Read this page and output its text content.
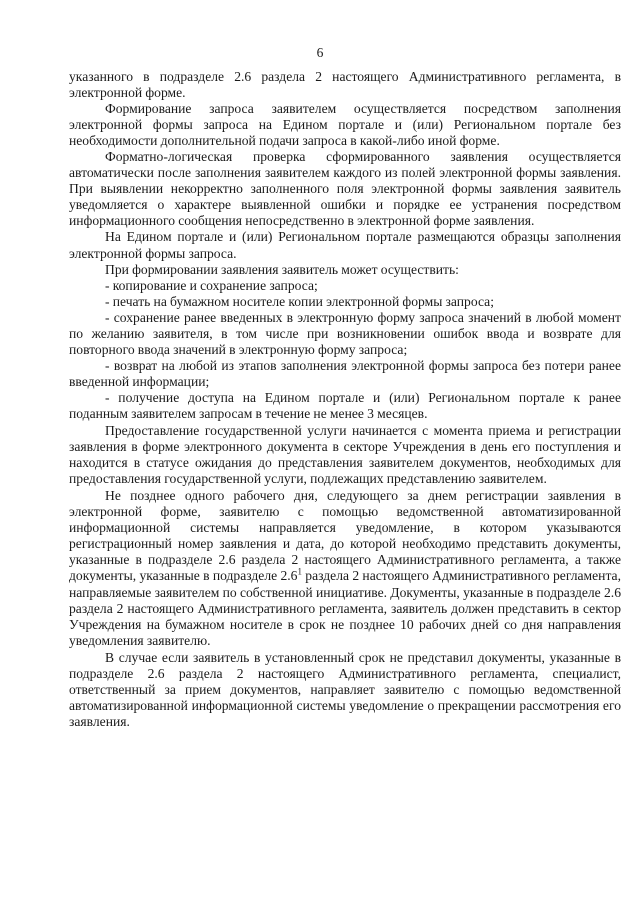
6

указанного в подразделе 2.6 раздела 2 настоящего Административного регламента, в электронной форме.

Формирование запроса заявителем осуществляется посредством заполнения электронной формы запроса на Едином портале и (или) Региональном портале без необходимости дополнительной подачи запроса в какой-либо иной форме.

Форматно-логическая проверка сформированного заявления осуществляется автоматически после заполнения заявителем каждого из полей электронной формы заявления. При выявлении некорректно заполненного поля электронной формы заявления заявитель уведомляется о характере выявленной ошибки и порядке ее устранения посредством информационного сообщения непосредственно в электронной форме заявления.

На Едином портале и (или) Региональном портале размещаются образцы заполнения электронной формы запроса.

При формировании заявления заявитель может осуществить:

- копирование и сохранение запроса;

- печать на бумажном носителе копии электронной формы запроса;

- сохранение ранее введенных в электронную форму запроса значений в любой момент по желанию заявителя, в том числе при возникновении ошибок ввода и возврате для повторного ввода значений в электронную форму запроса;

- возврат на любой из этапов заполнения электронной формы запроса без потери ранее введенной информации;

- получение доступа на Едином портале и (или) Региональном портале к ранее поданным заявителем запросам в течение не менее 3 месяцев.

Предоставление государственной услуги начинается с момента приема и регистрации заявления в форме электронного документа в секторе Учреждения в день его поступления и находится в статусе ожидания до представления заявителем документов, необходимых для предоставления государственной услуги, подлежащих представлению заявителем.

Не позднее одного рабочего дня, следующего за днем регистрации заявления в электронной форме, заявителю с помощью ведомственной автоматизированной информационной системы направляется уведомление, в котором указываются регистрационный номер заявления и дата, до которой необходимо представить документы, указанные в подразделе 2.6 раздела 2 настоящего Административного регламента, а также документы, указанные в подразделе 2.6$^1$ раздела 2 настоящего Административного регламента, направляемые заявителем по собственной инициативе. Документы, указанные в подразделе 2.6 раздела 2 настоящего Административного регламента, заявитель должен представить в сектор Учреждения на бумажном носителе в срок не позднее 10 рабочих дней со дня направления уведомления заявителю.

В случае если заявитель в установленный срок не представил документы, указанные в подразделе 2.6 раздела 2 настоящего Административного регламента, специалист, ответственный за прием документов, направляет заявителю с помощью ведомственной автоматизированной информационной системы уведомление о прекращении рассмотрения его заявления.
